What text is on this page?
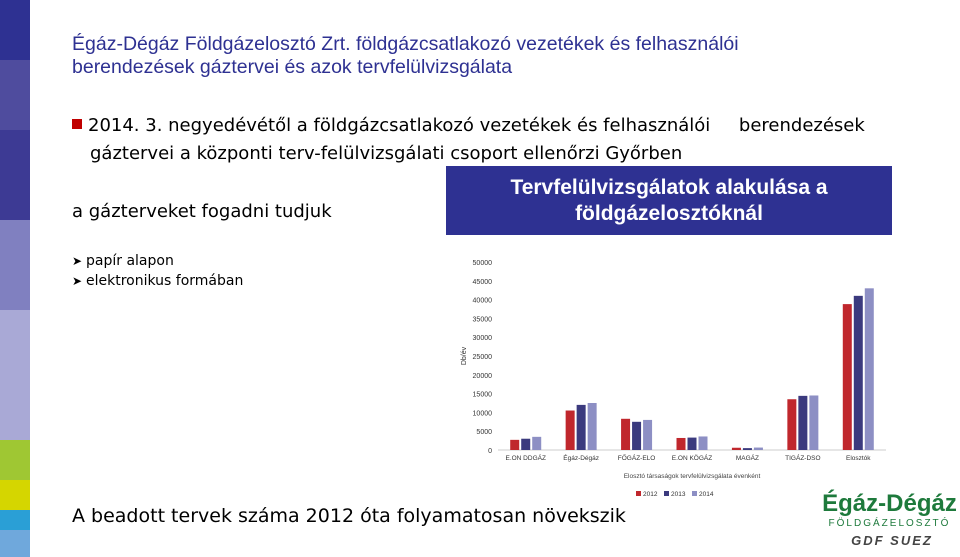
Égáz-Dégáz Földgázelosztó Zrt. földgázcsatlakozó vezetékek és felhasználói
berendezések gáztervei és azok tervfelülvizsgálata
2014. 3. negyedévétől a földgázcsatlakozó vezetékek és felhasználói     berendezések
gáztervei a központi terv-felülvizsgálati csoport ellenőrzi Győrben
a gázterveket fogadni tudjuk
➤ papír alapon
➤ elektronikus formában
Tervfelülvizsgálatok alakulása a
földgázelosztóknál
0
5000
10000
15000
20000
25000
30000
35000
40000
45000
50000
Db/év
E.ON DDGÁZ	Égáz-Dégáz	FŐGÁZ-ELO	E.ON KÖGÁZ	MAGÁZ	TIGÁZ-DSO	Elosztók
Elosztó társaságok tervfelülvizsgálata évenként
2012 2013 2014
A beadott tervek száma 2012 óta folyamatosan növekszik	Égáz-Dégáz
FÖLDGÁZELOSZTÓ
GDF SUEZ
